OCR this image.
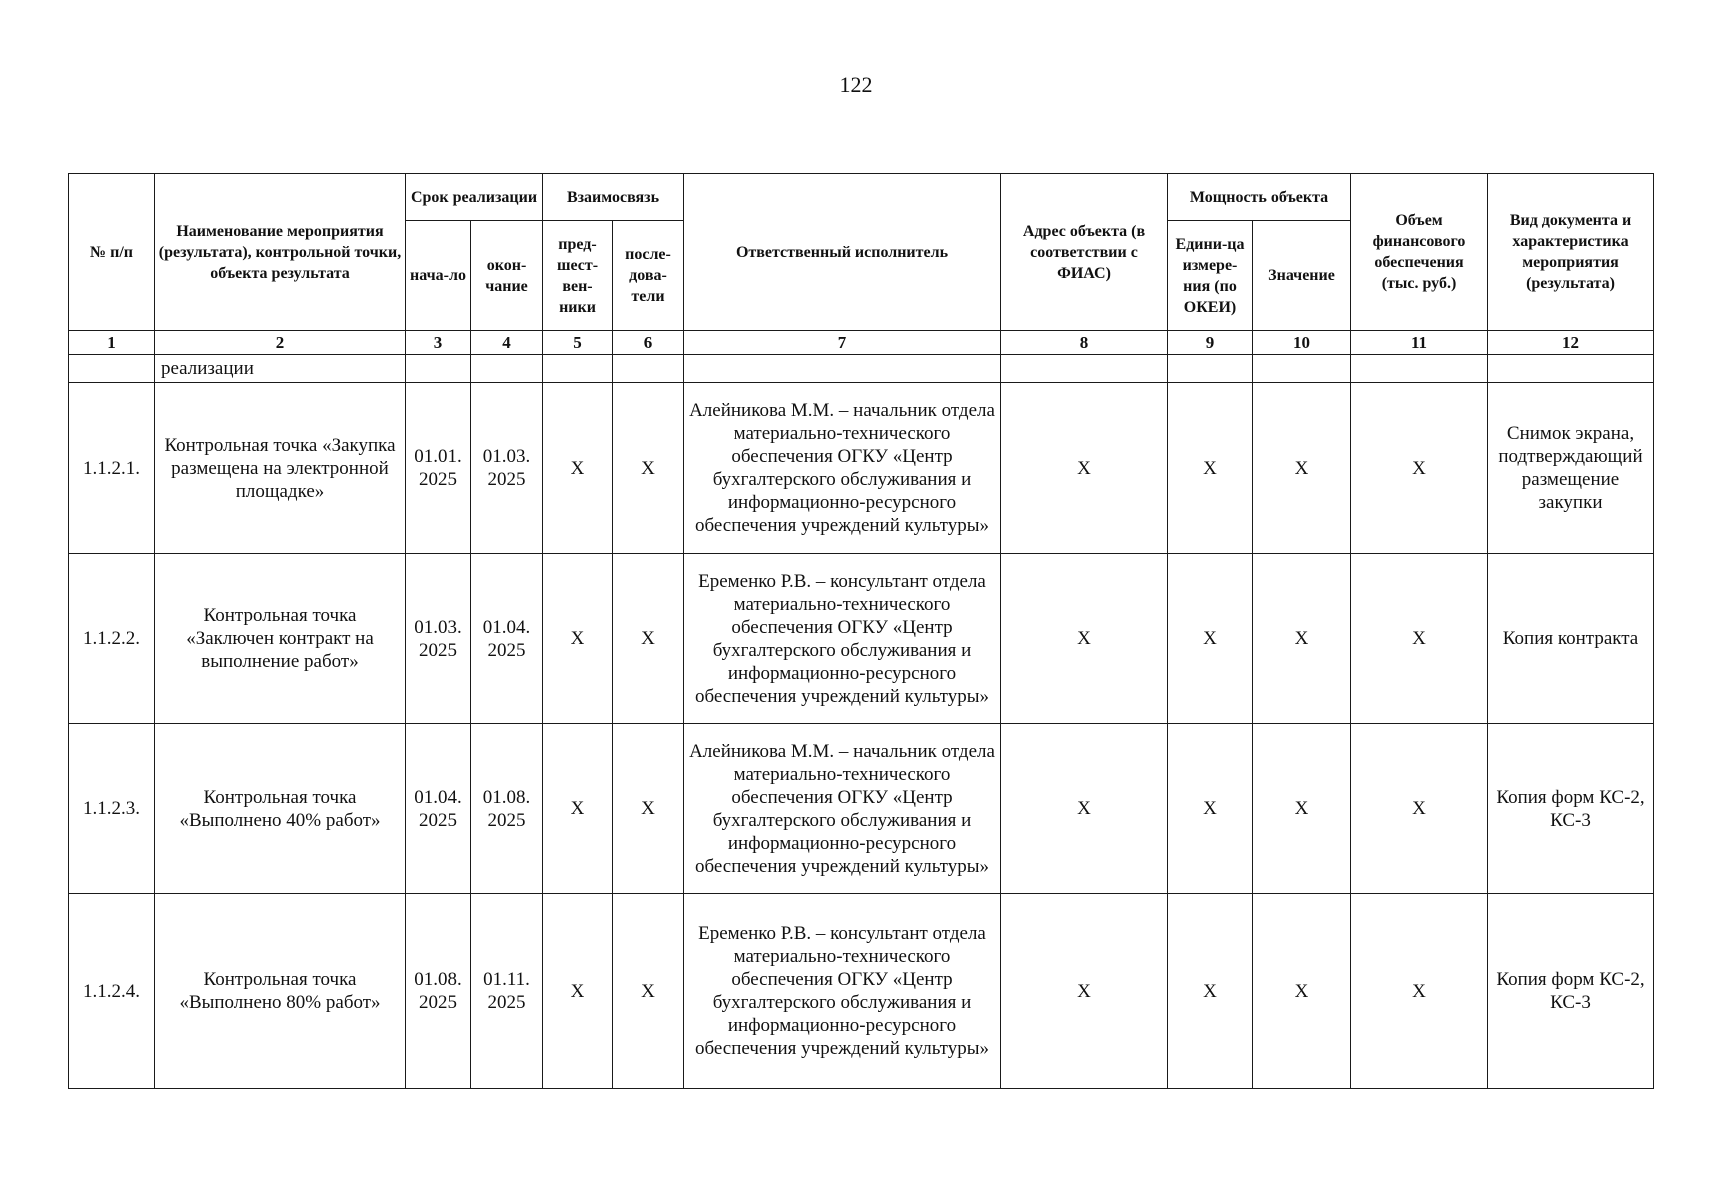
122
№ п/п	Наименование мероприятия (результата), контрольной точки, объекта результата	Срок реализации		Взаимосвязь		Ответственный исполнитель	Адрес объекта (в соответствии с ФИАС)	Мощность объекта		Объем финансового обеспечения (тыс. руб.)	Вид документа и характеристика мероприятия (результата)
		нача-ло	окон-чание	пред-шест-вен-ники	после-дова-тели			Едини-ца измере-ния (по ОКЕИ)	Значение		
1	2	3	4	5	6	7	8	9	10	11	12
	реализации										
1.1.2.1.	Контрольная точка «Закупка размещена на электронной площадке»	01.01. 2025	01.03. 2025	X	X	Алейникова М.М. – начальник отдела материально-технического обеспечения ОГКУ «Центр бухгалтерского обслуживания и информационно-ресурсного обеспечения учреждений культуры»	X	X	X	X	Снимок экрана, подтверждающий размещение закупки
1.1.2.2.	Контрольная точка «Заключен контракт на выполнение работ»	01.03. 2025	01.04. 2025	X	X	Еременко Р.В. – консультант отдела материально-технического обеспечения ОГКУ «Центр бухгалтерского обслуживания и информационно-ресурсного обеспечения учреждений культуры»	X	X	X	X	Копия контракта
1.1.2.3.	Контрольная точка «Выполнено 40% работ»	01.04. 2025	01.08. 2025	X	X	Алейникова М.М. – начальник отдела материально-технического обеспечения ОГКУ «Центр бухгалтерского обслуживания и информационно-ресурсного обеспечения учреждений культуры»	X	X	X	X	Копия форм КС-2, КС-3
1.1.2.4.	Контрольная точка «Выполнено 80% работ»	01.08. 2025	01.11. 2025	X	X	Еременко Р.В. – консультант отдела материально-технического обеспечения ОГКУ «Центр бухгалтерского обслуживания и информационно-ресурсного обеспечения учреждений культуры»	X	X	X	X	Копия форм КС-2, КС-3
